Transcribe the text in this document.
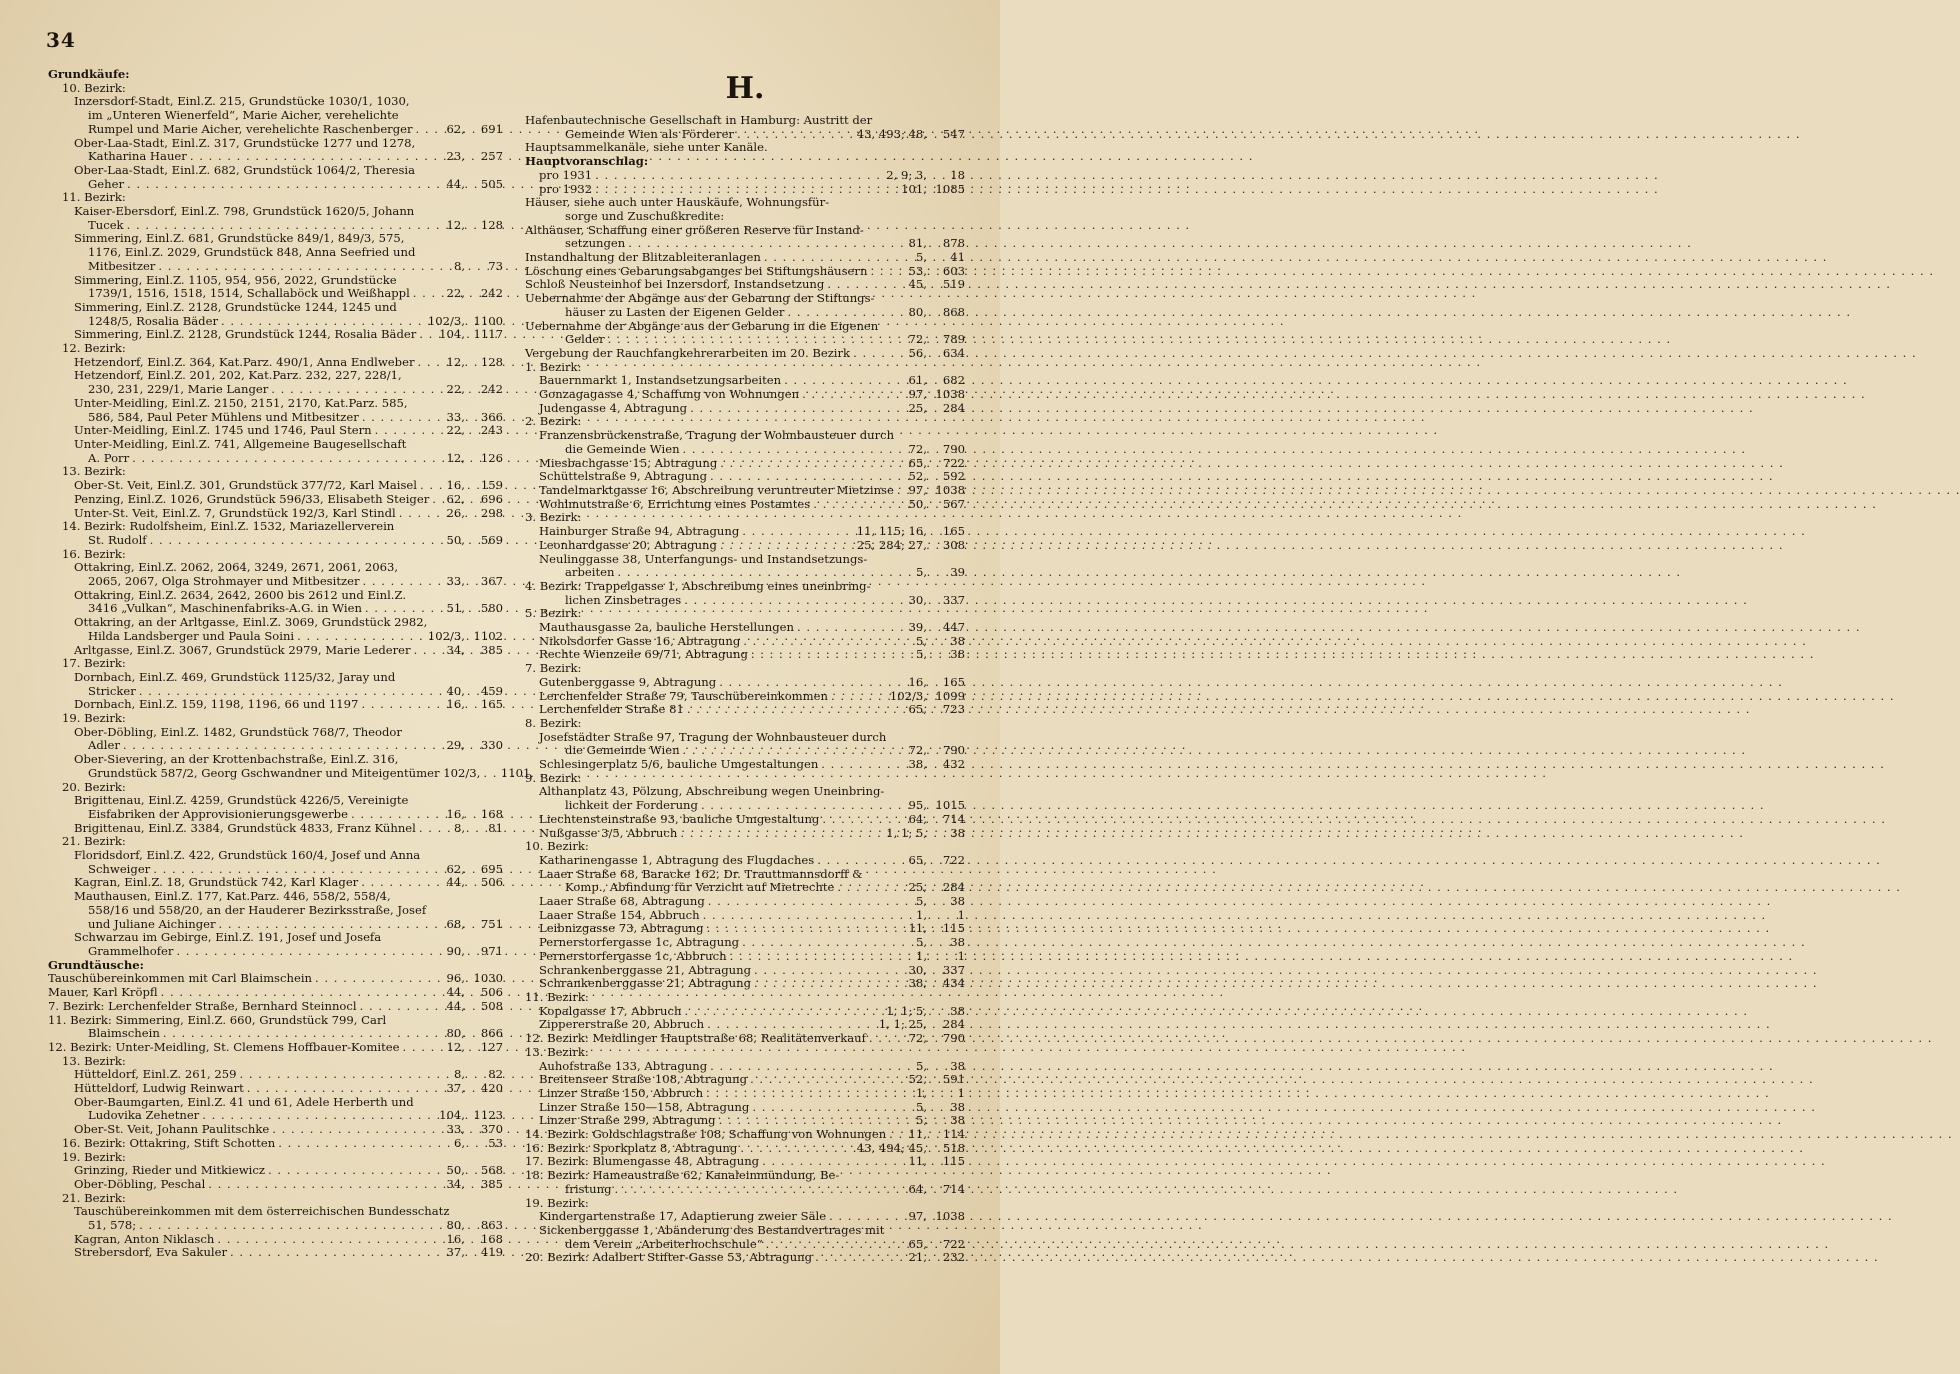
34
Grundkäufe:
10. Bezirk:
Inzersdorf-Stadt, Einl.Z. 215, Grundstücke 1030/1, 1030,
im „Unteren Wienerfeld“, Marie Aicher, verehelichte
Rumpel und Marie Aicher, verehelichte Raschenberger . . .	62,	691
Ober-Laa-Stadt, Einl.Z. 317, Grundstücke 1277 und 1278,
Katharina Hauer . . .	23,	257
Ober-Laa-Stadt, Einl.Z. 682, Grundstück 1064/2, Theresia
Geher . . .	44,	505
11. Bezirk:
Kaiser-Ebersdorf, Einl.Z. 798, Grundstück 1620/5, Johann
Tucek . . .	12,	128
Simmering, Einl.Z. 681, Grundstücke 849/1, 849/3, 575,
1176, Einl.Z. 2029, Grundstück 848, Anna Seefried und
Mitbesitzer . . .	8,	73
Simmering, Einl.Z. 1105, 954, 956, 2022, Grundstücke
1739/1, 1516, 1518, 1514, Schallaböck und Weißhappl . . .	22,	242
Simmering, Einl.Z. 2128, Grundstücke 1244, 1245 und
1248/5, Rosalia Bäder . . .	102/3, 1100
Simmering, Einl.Z. 2128, Grundstück 1244, Rosalia Bäder . . . 104, 1117
12. Bezirk:
Hetzendorf, Einl.Z. 364, Kat.Parz. 490/1, Anna Endlweber . . .	12,	128
Hetzendorf, Einl.Z. 201, 202, Kat.Parz. 232, 227, 228/1,
230, 231, 229/1, Marie Langer . . .	22,	242
Unter-Meidling, Einl.Z. 2150, 2151, 2170, Kat.Parz. 585,
586, 584, Paul Peter Mühlens und Mitbesitzer . . .	33,	366
Unter-Meidling, Einl.Z. 1745 und 1746, Paul Stern . . .	22,	243
Unter-Meidling, Einl.Z. 741, Allgemeine Baugesellschaft
A. Porr . . .	12,	126
13. Bezirk:
Ober-St. Veit, Einl.Z. 301, Grundstück 377/72, Karl Maisel . . .	16,	159
Penzing, Einl.Z. 1026, Grundstück 596/33, Elisabeth Steiger . . . 62,	696
Unter-St. Veit, Einl.Z. 7, Grundstück 192/3, Karl Stindl . . .	26,	298
14. Bezirk: Rudolfsheim, Einl.Z. 1532, Mariazellerverein
St. Rudolf . . .	50,	569
16. Bezirk:
Ottakring, Einl.Z. 2062, 2064, 3249, 2671, 2061, 2063,
2065, 2067, Olga Strohmayer und Mitbesitzer . . .	33,	367
Ottakring, Einl.Z. 2634, 2642, 2600 bis 2612 und Einl.Z.
3416 „Vulkan“, Maschinenfabriks-A.G. in Wien . . .	51,	580
Ottakring, an der Arltgasse, Einl.Z. 3069, Grundstück 2982,
Hilda Landsberger und Paula Soini . . .	102/3, 1102
Arltgasse, Einl.Z. 3067, Grundstück 2979, Marie Lederer . . .	34,	385
17. Bezirk:
Dornbach, Einl.Z. 469, Grundstück 1125/32, Jaray und
Stricker . . .	40,	459
Dornbach, Einl.Z. 159, 1198, 1196, 66 und 1197 . . .	16,	165
19. Bezirk:
Ober-Döbling, Einl.Z. 1482, Grundstück 768/7, Theodor
Adler . . .	29,	330
Ober-Sievering, an der Krottenbachstraße, Einl.Z. 316,
Grundstück 587/2, Georg Gschwandner und Miteigentümer 102/3, . . .	1101
20. Bezirk:
Brigittenau, Einl.Z. 4259, Grundstück 4226/5, Vereinigte
Eisfabriken der Approvisionierungsgewerbe . . .	16,	168
Brigittenau, Einl.Z. 3384, Grundstück 4833, Franz Kühnel . . .	8,	81
21. Bezirk:
Floridsdorf, Einl.Z. 422, Grundstück 160/4, Josef und Anna
Schweiger . . .	62,	695
Kagran, Einl.Z. 18, Grundstück 742, Karl Klager . . .	44,	506
Mauthausen, Einl.Z. 177, Kat.Parz. 446, 558/2, 558/4,
558/16 und 558/20, an der Hauderer Bezirksstraße, Josef
und Juliane Aichinger . . .	68,	751
Schwarzau im Gebirge, Einl.Z. 191, Josef und Josefa
Grammelhofer . . .	90,	971
Grundtäusche:
Tauschübereinkommen mit Carl Blaimschein . . .	96, 1030
Mauer, Karl Kröpfl . . .	44,	506
7. Bezirk: Lerchenfelder Straße, Bernhard Steinnocl . . .	44,	508
11. Bezirk: Simmering, Einl.Z. 660, Grundstück 799, Carl
Blaimschein . . .	80,	866
12. Bezirk: Unter-Meidling, St. Clemens Hoffbauer-Komitee . . .	12,	127
13. Bezirk:
Hütteldorf, Einl.Z. 261, 259 . . .	8,	82
Hütteldorf, Ludwig Reinwart . . .	37,	420
Ober-Baumgarten, Einl.Z. 41 und 61, Adele Herberth und
Ludovika Zehetner . . .	104, 1123
Ober-St. Veit, Johann Paulitschke . . .	33,	370
16. Bezirk: Ottakring, Stift Schotten . . .	6,	53
19. Bezirk:
Grinzing, Rieder und Mitkiewicz . . .	50,	568
Ober-Döbling, Peschal . . .	34,	385
21. Bezirk:
Tauschübereinkommen mit dem österreichischen Bundesschatz
51, 578; . . .	80,	863
Kagran, Anton Niklasch . . .	16,	168
Strebersdorf, Eva Sakuler . . .	37,	419
H.
Hafenbautechnische Gesellschaft in Hamburg: Austritt der
Gemeinde Wien als Förderer . . .	43, 493; 48,	547
Hauptsammelkanäle, siehe unter Kanäle.
Hauptvoranschlag:
pro 1931 . . .	2, 9; 3,	18
pro 1932 . . .	101, 1085
Häuser, siehe auch unter Hauskäufe, Wohnungsfür-
sorge und Zuschußkredite:
Althäuser, Schaffung einer größeren Reserve für Instand-
setzungen . . .	81,	878
Instandhaltung der Blitzableiteranlagen . . .	5,	41
Löschung eines Gebarungsabganges bei Stiftungshäusern . . .	53,	603
Schloß Neusteinhof bei Inzersdorf, Instandsetzung . . .	45,	519
Uebernahme der Abgänge aus der Gebarung der Stiftungs-
häuser zu Lasten der Eigenen Gelder . . .	80,	868
Uebernahme der Abgänge aus der Gebarung in die Eigenen
Gelder . . .	72,	789
Vergebung der Rauchfangkehrerarbeiten im 20. Bezirk . . .	56,	634
1. Bezirk:
Bauernmarkt 1, Instandsetzungsarbeiten . . .	61,	682
Gonzagagasse 4, Schaffung von Wohnungen . . .	97, 1038
Judengasse 4, Abtragung . . .	25,	284
2. Bezirk:
Franzensbrückenstraße, Tragung der Wohnbausteuer durch
die Gemeinde Wien . . .	72,	790
Miesbachgasse 15, Abtragung . . .	65,	722
Schüttelstraße 9, Abtragung . . .	52,	592
Tandelmarktgasse 16, Abschreibung veruntreuter Mietzinse . . . 97, 1038
Wohlmutstraße 6, Errichtung eines Postamtes . . .	50,	567
3. Bezirk:
Hainburger Straße 94, Abtragung . . .	11, 115; 16,	165
Leonhardgasse 20, Abtragung . . .	25, 284; 27,	308
Neulinggasse 38, Unterfangungs- und Instandsetzungs-
arbeiten . . .	5,	39
4. Bezirk: Trappelgasse 1, Abschreibung eines uneinbring-
lichen Zinsbetrages . . .	30,	337
5. Bezirk:
Mauthausgasse 2a, bauliche Herstellungen . . .	39,	447
Nikolsdorfer Gasse 16, Abtragung . . .	5,	38
Rechte Wienzeile 69/71, Abtragung . . .	5,	38
7. Bezirk:
Gutenberggasse 9, Abtragung . . .	16,	165
Lerchenfelder Straße 79, Tauschübereinkommen . . .	102/3, 1099
Lerchenfelder Straße 81 . . .	65,	723
8. Bezirk:
Josefstädter Straße 97, Tragung der Wohnbausteuer durch
die Gemeinde Wien . . .	72,	790
Schlesingerplatz 5/6, bauliche Umgestaltungen . . .	38,	432
9. Bezirk:
Althanplatz 43, Pölzung, Abschreibung wegen Uneinbring-
lichkeit der Forderung . . .	95, 1015
Liechtensteinstraße 93, bauliche Umgestaltung . . .	64,	714
Nußgasse 3/5, Abbruch . . .	1, 1; 5,	38
10. Bezirk:
Katharinengasse 1, Abtragung des Flugdaches . . .	65,	722
Laaer Straße 68, Baracke 162, Dr. Trauttmannsdorff &
Komp., Abfindung für Verzicht auf Mietrechte . . .	25,	284
Laaer Straße 68, Abtragung . . .	5,	38
Laaer Straße 154, Abbruch . . .	1,	1
Leibnizgasse 73, Abtragung . . .	11,	115
Pernerstorfergasse 1c, Abtragung . . .	5,	38
Pernerstorfergasse 1c, Abbruch . . .	1,	1
Schrankenberggasse 21, Abtragung . . .	30,	337
Schrankenberggasse 21, Abtragung . . .	38,	434
11. Bezirk:
Kopalgasse 17, Abbruch . . .	1, 1; 5,	38
Zippererstraße 20, Abbruch . . .	1, 1; 25,	284
12. Bezirk: Meidlinger Hauptstraße 68, Realitätenverkauf . . .	72,	790
13. Bezirk:
Auhofstraße 133, Abtragung . . .	5,	38
Breitenseer Straße 108, Abtragung . . .	52,	591
Linzer Straße 150, Abbruch . . .	1,	1
Linzer Straße 150—158, Abtragung . . .	5,	38
Linzer Straße 299, Abtragung . . .	5,	38
14. Bezirk: Goldschlagstraße 108, Schaffung von Wohnungen . . . 11,	114
16. Bezirk: Sporkplatz 8, Abtragung . . .	43, 494; 45,	518
17. Bezirk: Blumengasse 48, Abtragung . . .	11,	115
18. Bezirk: Hameaustraße 62, Kanaleinmündung, Be-
fristung . . .	64,	714
19. Bezirk:
Kindergartenstraße 17, Adaptierung zweier Säle . . .	97, 1038
Sickenberggasse 1, Abänderung des Bestandvertrages mit
dem Verein „Arbeiterhochschule“ . . .	65,	722
20. Bezirk: Adalbert Stifter-Gasse 53, Abtragung . . .	21,	232
